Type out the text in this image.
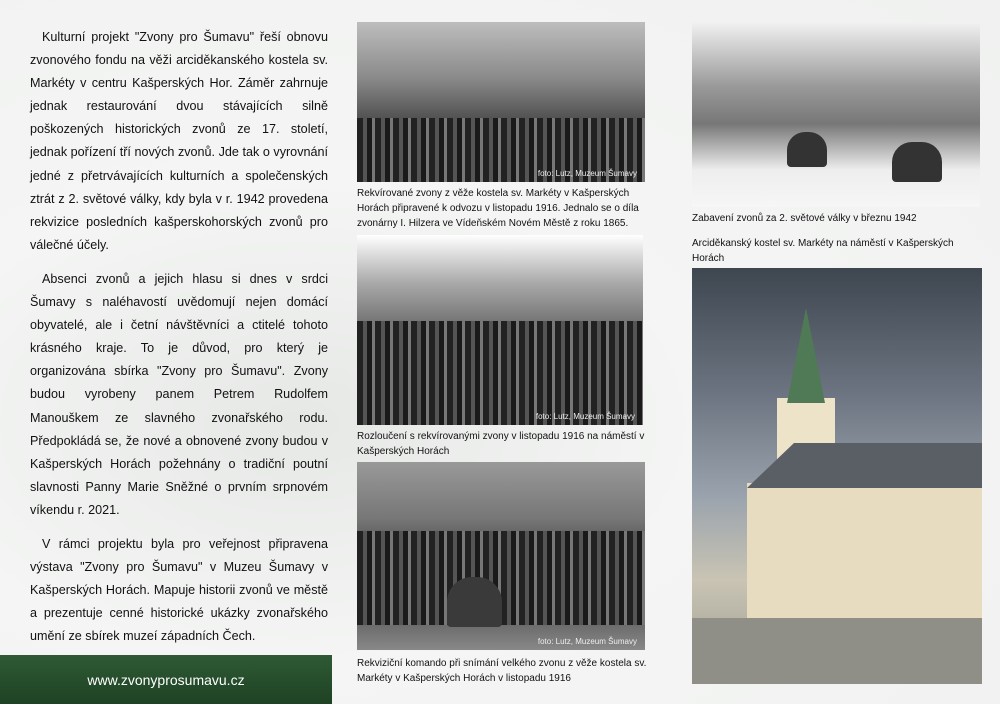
Kulturní projekt "Zvony pro Šumavu" řeší obnovu zvonového fondu na věži arciděkanského kostela sv. Markéty v centru Kašperských Hor. Záměr zahrnuje jednak restaurování dvou stávajících silně poškozených historických zvonů ze 17. století, jednak pořízení tří nových zvonů. Jde tak o vyrovnání jedné z přetrvávajících kulturních a společenských ztrát z 2. světové války, kdy byla v r. 1942 provedena rekvizice posledních kašperskohorských zvonů pro válečné účely.

Absenci zvonů a jejich hlasu si dnes v srdci Šumavy s naléhavostí uvědomují nejen domácí obyvatelé, ale i četní návštěvníci a ctitelé tohoto krásného kraje. To je důvod, pro který je organizována sbírka "Zvony pro Šumavu". Zvony budou vyrobeny panem Petrem Rudolfem Manouškem ze slavného zvonařského rodu. Předpokládá se, že nové a obnovené zvony budou v Kašperských Horách požehnány o tradiční poutní slavnosti Panny Marie Sněžné o prvním srpnovém víkendu r. 2021.

V rámci projektu byla pro veřejnost připravena výstava "Zvony pro Šumavu" v Muzeu Šumavy v Kašperských Horách. Mapuje historii zvonů ve městě a prezentuje cenné historické ukázky zvonařského umění ze sbírek muzeí západních Čech.

www.zvonyprosumavu.cz
foto: Lutz, Muzeum Šumavy
Rekvírované zvony z věže kostela sv. Markéty v Kašperských Horách připravené k odvozu v listopadu 1916. Jednalo se o díla zvonárny I. Hilzera ve Vídeňském Novém Městě z roku 1865.
foto: Lutz, Muzeum Šumavy
Rozloučení s rekvírovanými zvony v listopadu 1916 na náměstí v Kašperských Horách
foto: Lutz, Muzeum Šumavy
Rekviziční komando při snímání velkého zvonu z věže kostela sv. Markéty v Kašperských Horách v listopadu 1916
Zabavení zvonů za 2. světové války v březnu 1942
Arciděkanský kostel sv. Markéty na náměstí v Kašperských Horách
